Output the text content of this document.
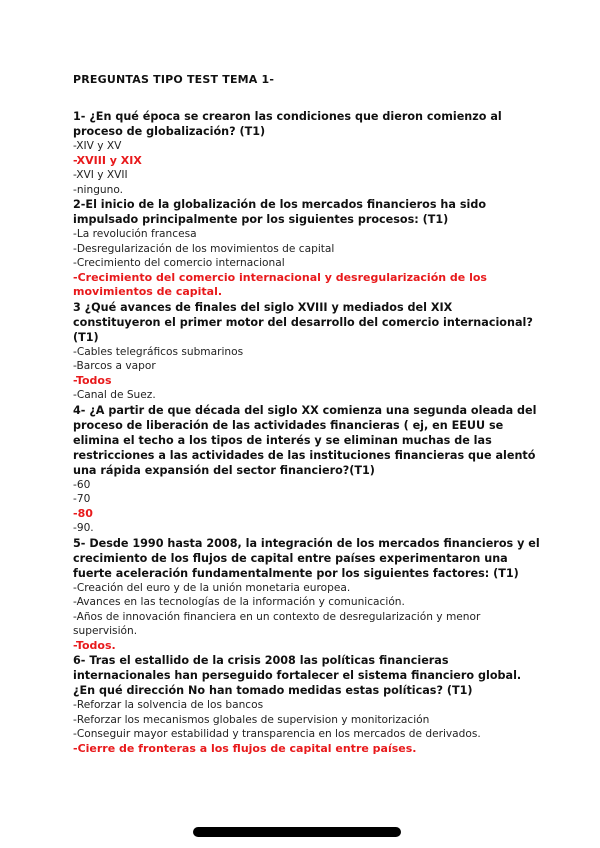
PREGUNTAS TIPO TEST TEMA 1-

1- ¿En qué época se crearon las condiciones que dieron comienzo al proceso de globalización? (T1)

-XIV y XV

-XVIII y XIX

-XVI y XVII

-ninguno.

2-El inicio de la globalización de los mercados financieros ha sido impulsado principalmente por los siguientes procesos: (T1)

-La revolución francesa

-Desregularización de los movimientos de capital

-Crecimiento del comercio internacional

-Crecimiento del comercio internacional y desregularización de los movimientos de capital.

3 ¿Qué avances de finales del siglo XVIII y mediados del XIX constituyeron el primer motor del desarrollo del comercio internacional? (T1)

-Cables telegráficos submarinos

-Barcos a vapor

-Todos

-Canal de Suez.

4- ¿A partir de que década del siglo XX comienza una segunda oleada del proceso de liberación de las actividades financieras ( ej, en EEUU se elimina el techo a los tipos de interés y se eliminan muchas de las restricciones a las actividades de las instituciones financieras que alentó una rápida expansión del sector financiero?(T1)

-60

-70

-80

-90.

5- Desde 1990 hasta 2008, la integración de los mercados financieros y el crecimiento de los flujos de capital entre países experimentaron una fuerte aceleración fundamentalmente por los siguientes factores: (T1)

-Creación del euro y de la unión monetaria europea.

-Avances en las tecnologías de la información y comunicación.

-Años de innovación financiera en un contexto de desregularización y menor supervisión.

-Todos.

6- Tras el estallido de la crisis 2008 las políticas financieras internacionales han perseguido fortalecer el sistema financiero global. ¿En qué dirección No han tomado medidas estas políticas? (T1)

-Reforzar la solvencia de los bancos

-Reforzar los mecanismos globales de supervision y monitorización

-Conseguir mayor estabilidad y transparencia en los mercados de derivados.

-Cierre de fronteras a los flujos de capital entre países.
